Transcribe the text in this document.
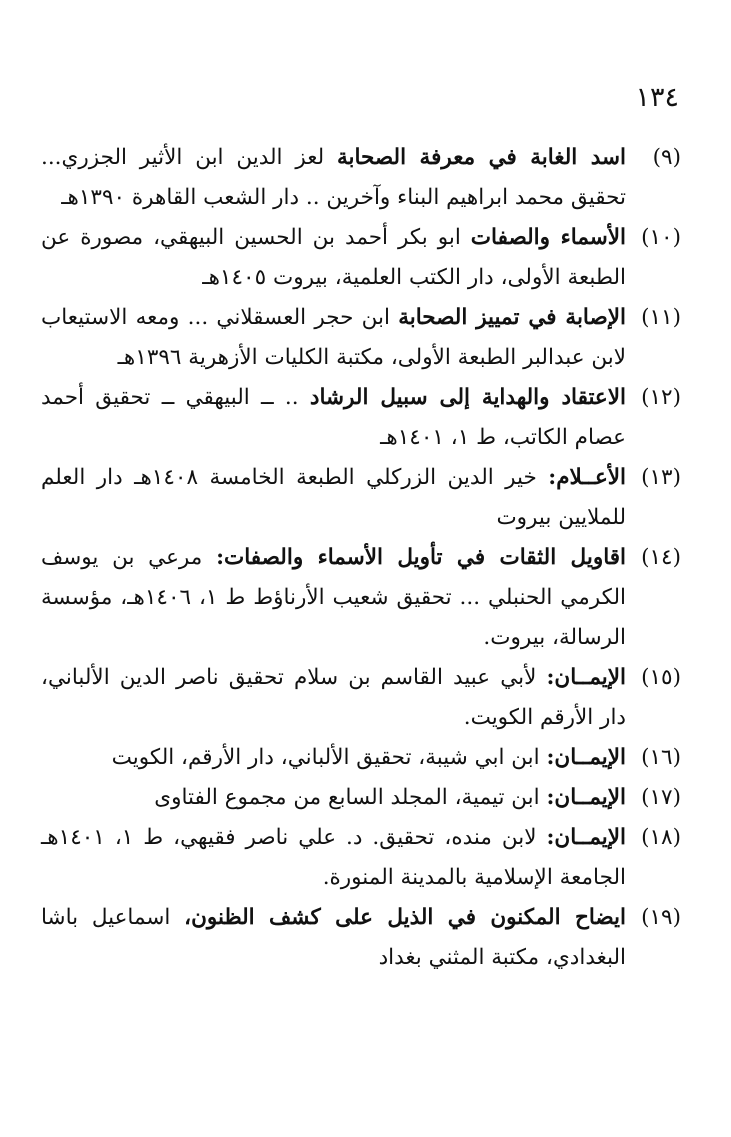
١٣٤
(٩)
اسد الغابة في معرفة الصحابة لعز الدين ابن الأثير الجزري... تحقيق محمد ابراهيم البناء وآخرين .. دار الشعب القاهرة ١٣٩٠هـ
(١٠)
الأسماء والصفات ابو بكر أحمد بن الحسين البيهقي، مصورة عن الطبعة الأولى، دار الكتب العلمية، بيروت ١٤٠٥هـ
(١١)
الإصابة في تمييز الصحابة ابن حجر العسقلاني ... ومعه الاستيعاب لابن عبدالبر الطبعة الأولى، مكتبة الكليات الأزهرية ١٣٩٦هـ
(١٢)
الاعتقاد والهداية إلى سبيل الرشاد .. ــ البيهقي ــ تحقيق أحمد عصام الكاتب، ط ١، ١٤٠١هـ
(١٣)
الأعــلام: خير الدين الزركلي الطبعة الخامسة ١٤٠٨هـ دار العلم للملايين بيروت
(١٤)
اقاويل الثقات في تأويل الأسماء والصفات: مرعي بن يوسف الكرمي الحنبلي ... تحقيق شعيب الأرناؤط ط ١، ١٤٠٦هـ، مؤسسة الرسالة، بيروت.
(١٥)
الإيمــان: لأبي عبيد القاسم بن سلام تحقيق ناصر الدين الألباني، دار الأرقم الكويت.
(١٦)
الإيمــان: ابن ابي شيبة، تحقيق الألباني، دار الأرقم، الكويت
(١٧)
الإيمــان: ابن تيمية، المجلد السابع من مجموع الفتاوى
(١٨)
الإيمــان: لابن منده، تحقيق. د. علي ناصر فقيهي، ط ١، ١٤٠١هـ الجامعة الإسلامية بالمدينة المنورة.
(١٩)
ايضاح المكنون في الذيل على كشف الظنون، اسماعيل باشا البغدادي، مكتبة المثني بغداد
